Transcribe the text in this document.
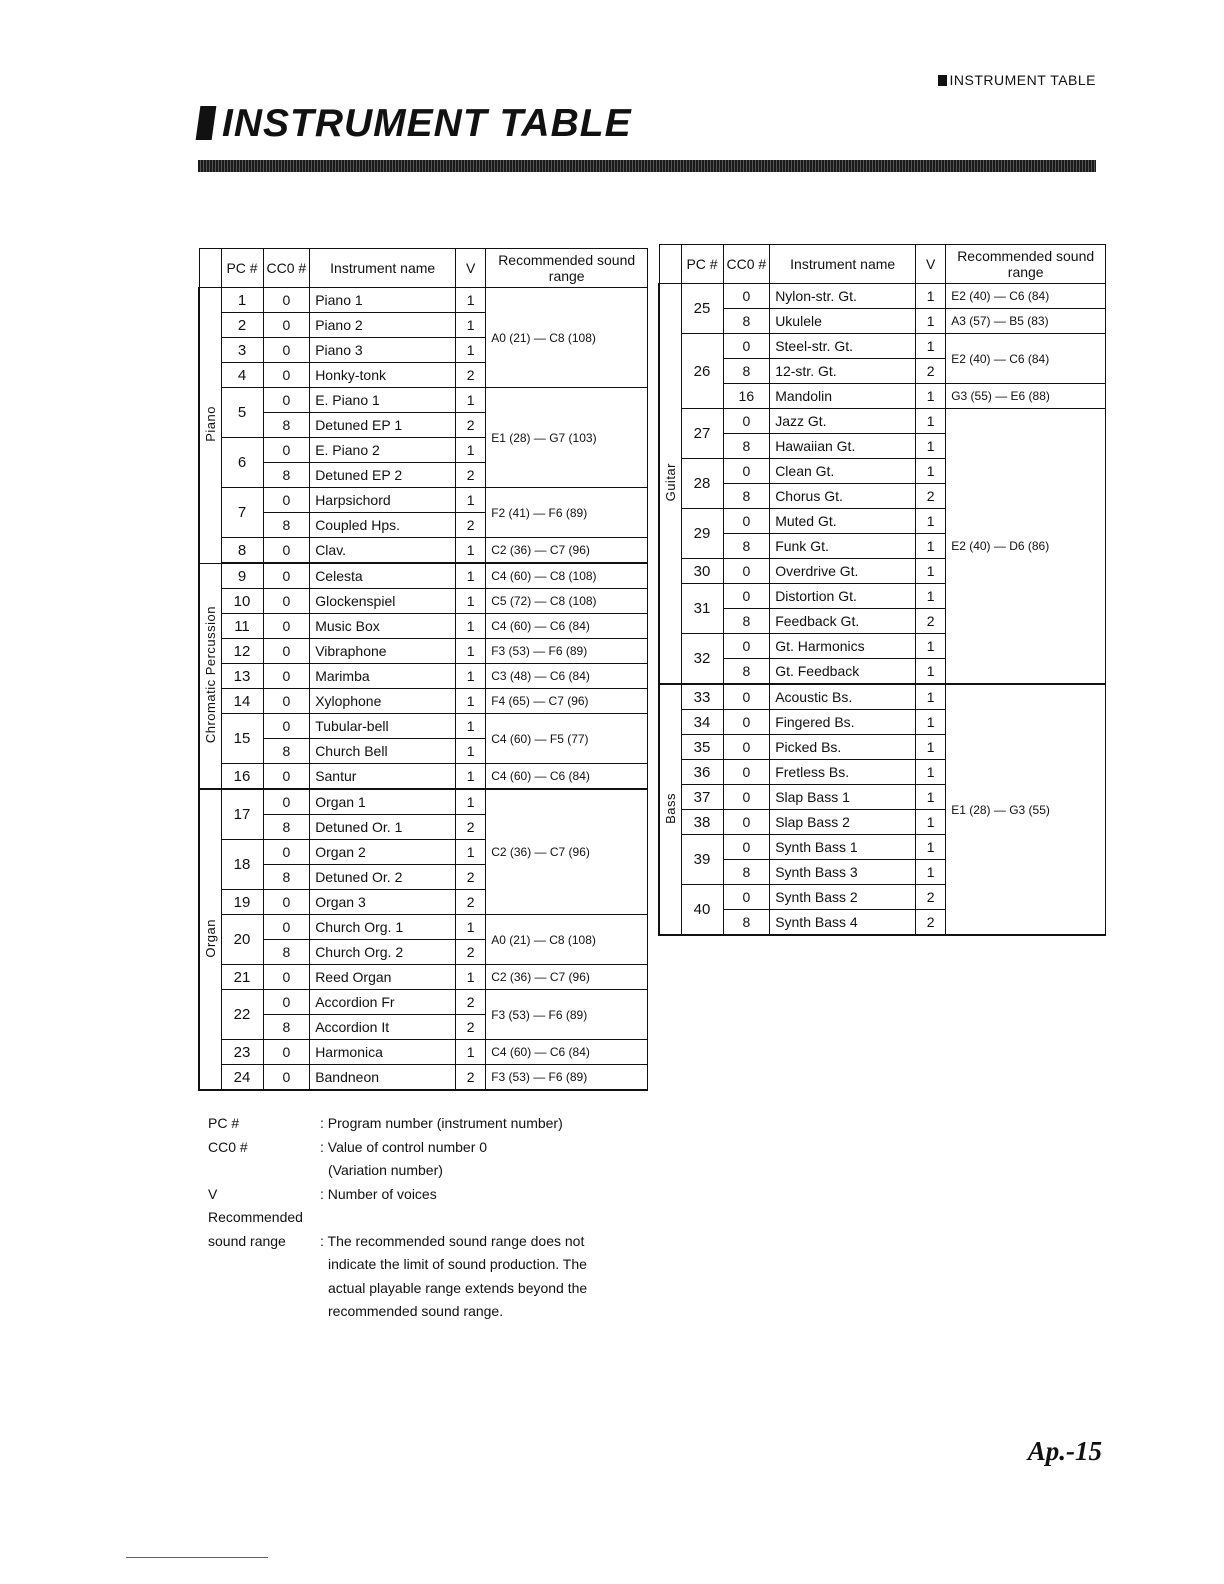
INSTRUMENT TABLE
INSTRUMENT TABLE
	PC #	CC0 #	Instrument name	V	Recommended sound range
Piano	1	0	Piano 1	1	A0 (21) — C8 (108)
	2	0	Piano 2	1	
	3	0	Piano 3	1	
	4	0	Honky-tonk	2	
	5	0	E. Piano 1	1	E1 (28) — G7 (103)
		8	Detuned EP 1	2	
	6	0	E. Piano 2	1	
		8	Detuned EP 2	2	
	7	0	Harpsichord	1	F2 (41) — F6 (89)
		8	Coupled Hps.	2	
	8	0	Clav.	1	C2 (36) — C7 (96)
Chromatic Percussion	9	0	Celesta	1	C4 (60) — C8 (108)
	10	0	Glockenspiel	1	C5 (72) — C8 (108)
	11	0	Music Box	1	C4 (60) — C6 (84)
	12	0	Vibraphone	1	F3 (53) — F6 (89)
	13	0	Marimba	1	C3 (48) — C6 (84)
	14	0	Xylophone	1	F4 (65) — C7 (96)
	15	0	Tubular-bell	1	C4 (60) — F5 (77)
		8	Church Bell	1	
	16	0	Santur	1	C4 (60) — C6 (84)
Organ	17	0	Organ 1	1	C2 (36) — C7 (96)
		8	Detuned Or. 1	2	
	18	0	Organ 2	1	
		8	Detuned Or. 2	2	
	19	0	Organ 3	2	
	20	0	Church Org. 1	1	A0 (21) — C8 (108)
		8	Church Org. 2	2	
	21	0	Reed Organ	1	C2 (36) — C7 (96)
	22	0	Accordion Fr	2	F3 (53) — F6 (89)
		8	Accordion It	2	
	23	0	Harmonica	1	C4 (60) — C6 (84)
	24	0	Bandneon	2	F3 (53) — F6 (89)
	PC #	CC0 #	Instrument name	V	Recommended sound range
Guitar	25	0	Nylon-str. Gt.	1	E2 (40) — C6 (84)
		8	Ukulele	1	A3 (57) — B5 (83)
	26	0	Steel-str. Gt.	1	E2 (40) — C6 (84)
		8	12-str. Gt.	2	
		16	Mandolin	1	G3 (55) — E6 (88)
	27	0	Jazz Gt.	1	E2 (40) — D6 (86)
		8	Hawaiian Gt.	1	
	28	0	Clean Gt.	1	
		8	Chorus Gt.	2	
	29	0	Muted Gt.	1	
		8	Funk Gt.	1	
	30	0	Overdrive Gt.	1	
	31	0	Distortion Gt.	1	
		8	Feedback Gt.	2	
	32	0	Gt. Harmonics	1	
		8	Gt. Feedback	1	
Bass	33	0	Acoustic Bs.	1	E1 (28) — G3 (55)
	34	0	Fingered Bs.	1	
	35	0	Picked Bs.	1	
	36	0	Fretless Bs.	1	
	37	0	Slap Bass 1	1	
	38	0	Slap Bass 2	1	
	39	0	Synth Bass 1	1	
		8	Synth Bass 3	1	
	40	0	Synth Bass 2	2	
		8	Synth Bass 4	2	
PC #	: Program number (instrument number)
CC0 #	: Value of control number 0
(Variation number)
V	: Number of voices
Recommended
sound range	: The recommended sound range does not
indicate the limit of sound production. The
actual playable range extends beyond the
recommended sound range.
Ap.-15
